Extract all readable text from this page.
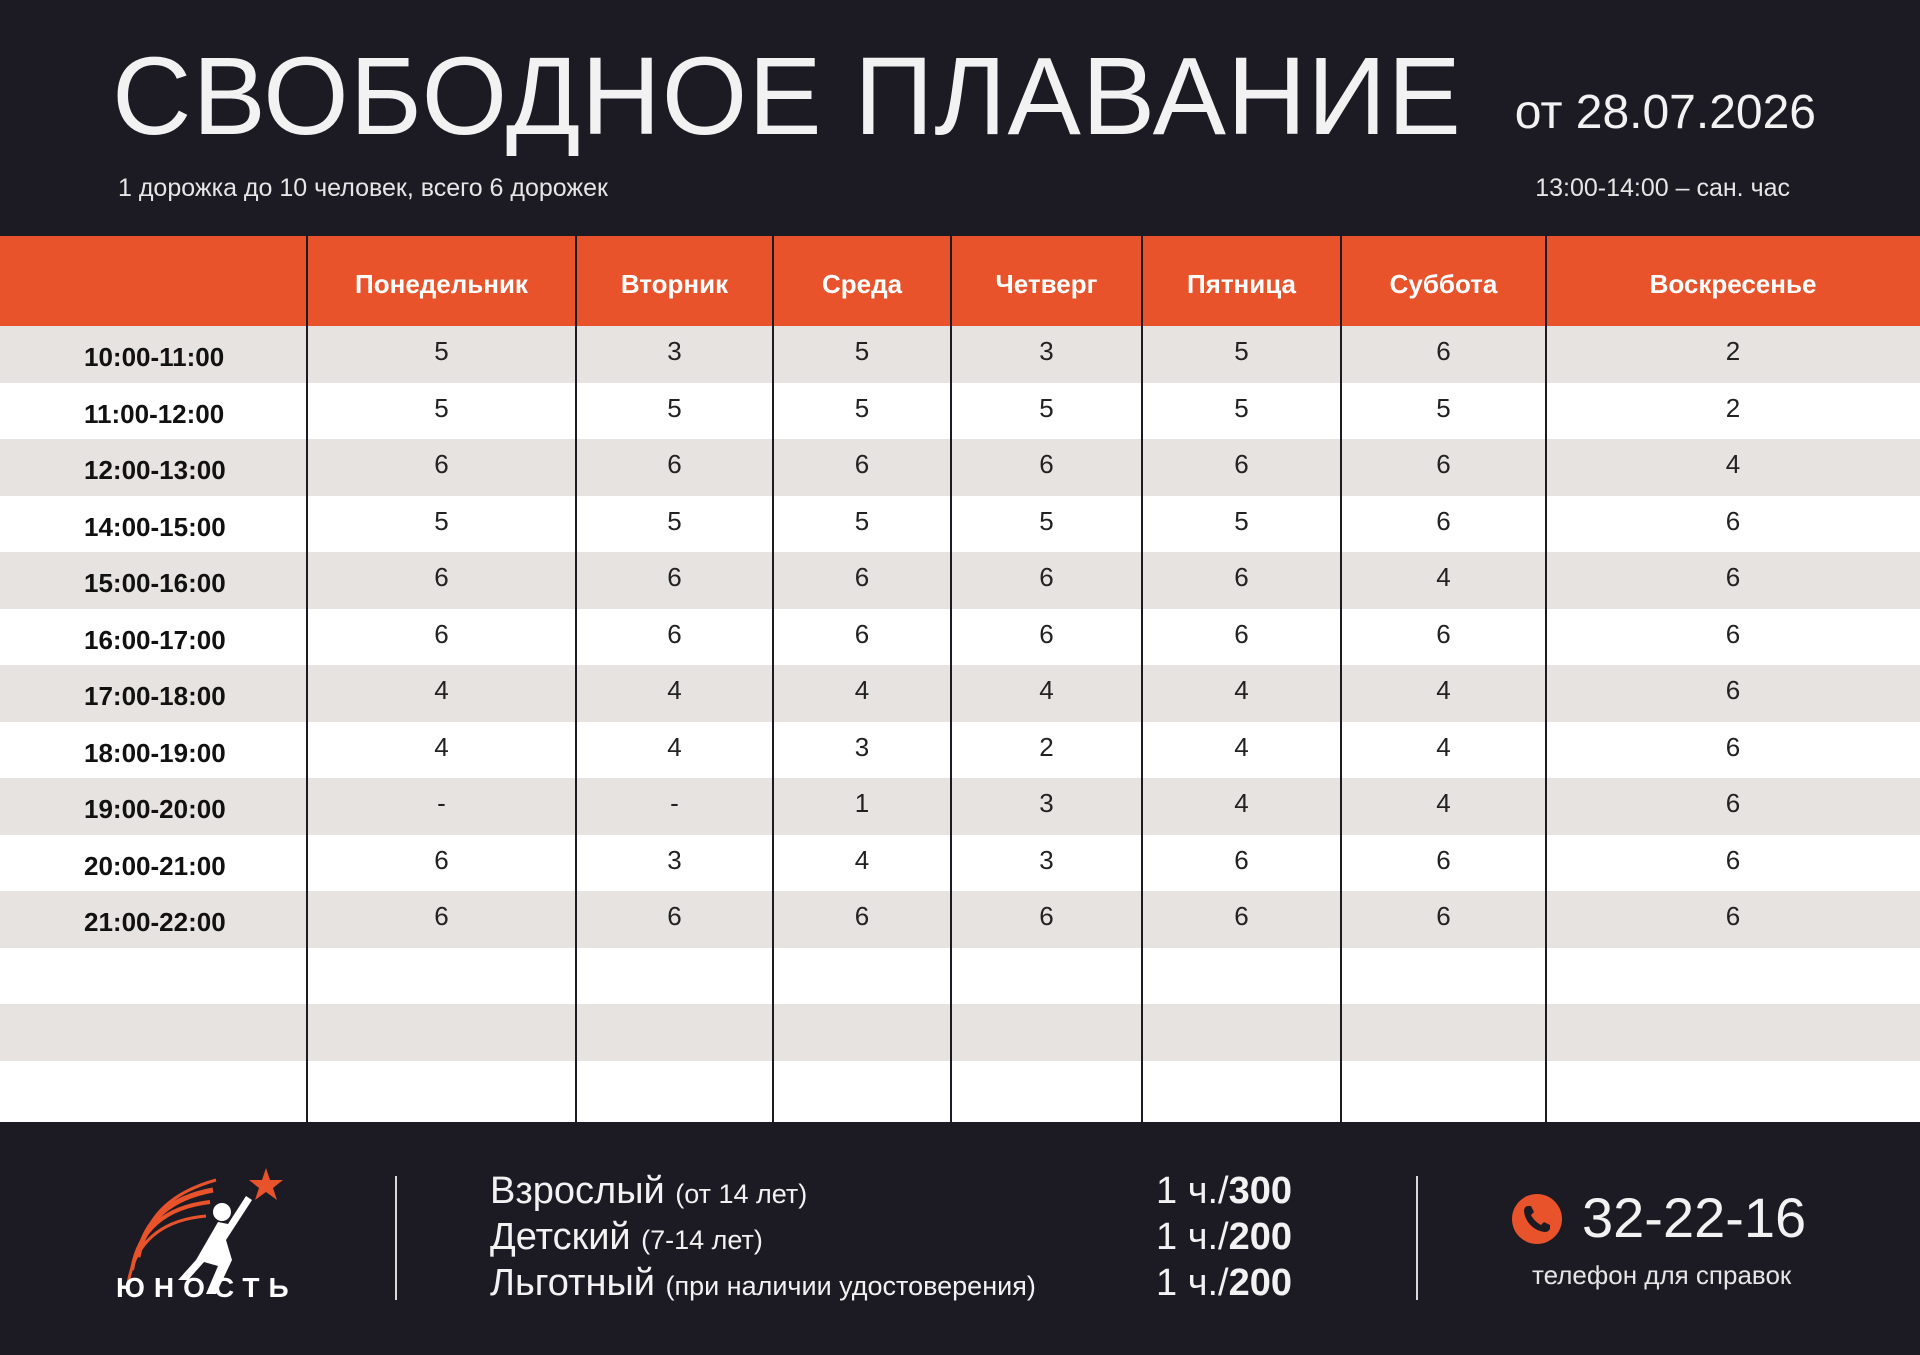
СВОБОДНОЕ ПЛАВАНИЕ от 28.07.2026
1 дорожка до 10 человек, всего 6 дорожек	13:00-14:00 – сан. час
Понедельник	Вторник	Среда	Четверг	Пятница	Суббота	Воскресенье
10:00-11:00	5	3	5	3	5	6	2
11:00-12:00	5	5	5	5	5	5	2
12:00-13:00	6	6	6	6	6	6	4
14:00-15:00	5	5	5	5	5	6	6
15:00-16:00	6	6	6	6	6	4	6
16:00-17:00	6	6	6	6	6	6	6
17:00-18:00	4	4	4	4	4	4	6
18:00-19:00	4	4	3	2	4	4	6
19:00-20:00	-	-	1	3	4	4	6
20:00-21:00	6	3	4	3	6	6	6
21:00-22:00	6	6	6	6	6	6	6
ЮНОСТЬ
Взрослый (от 14 лет)	1 ч./300
Детский (7-14 лет)	1 ч./200
Льготный (при наличии удостоверения)	1 ч./200
32-22-16
телефон для справок
